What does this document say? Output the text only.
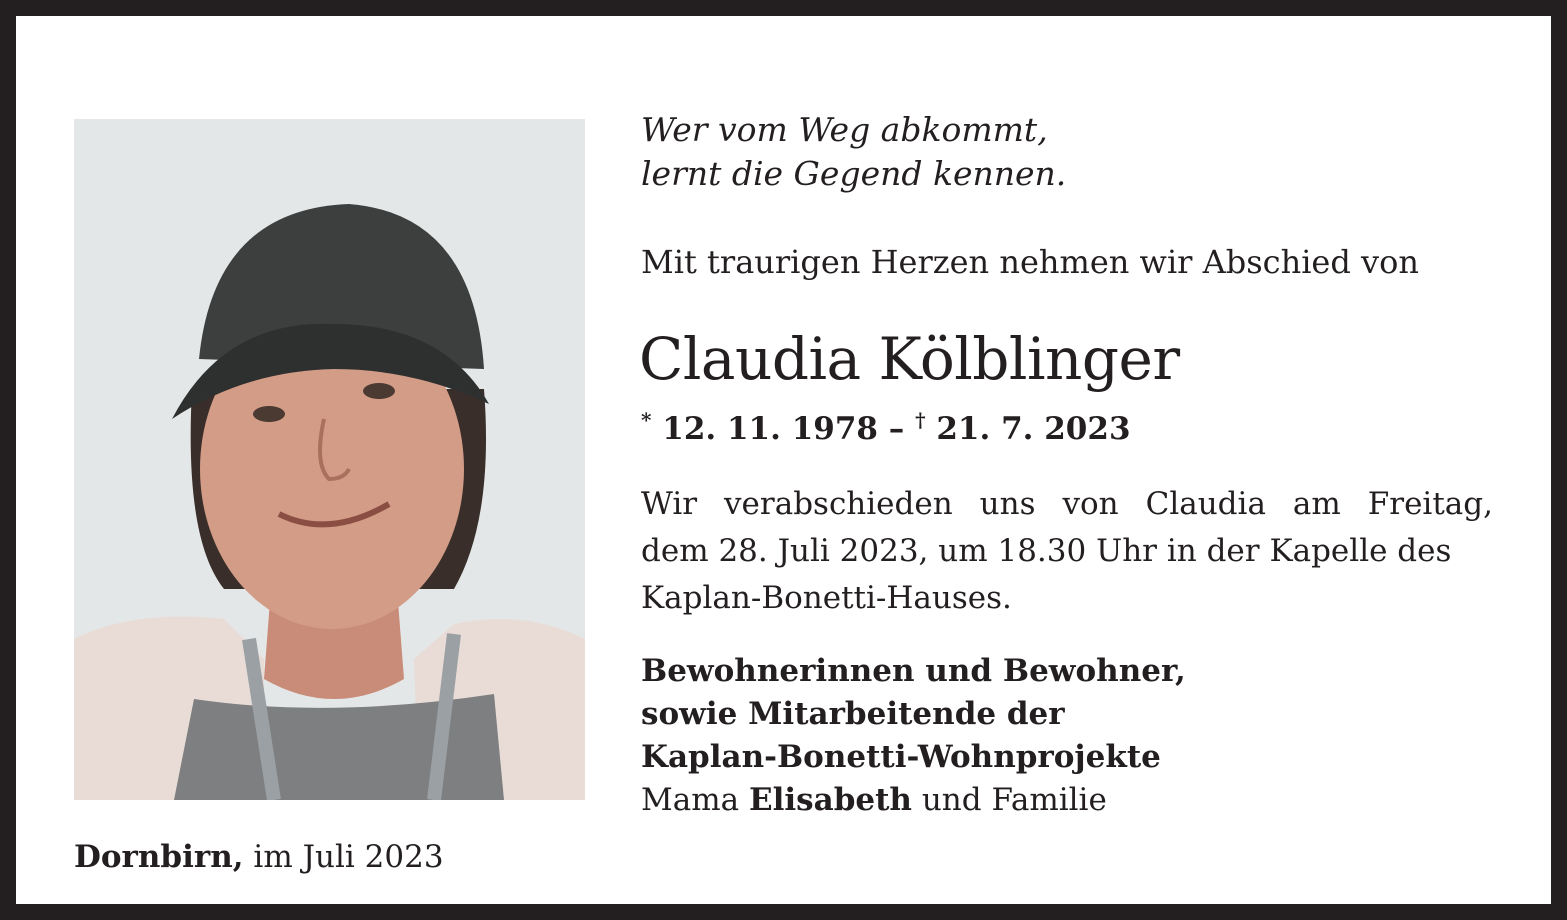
Wer vom Weg abkommt,
lernt die Gegend kennen.
Mit traurigen Herzen nehmen wir Abschied von
Claudia Kölblinger
* 12. 11. 1978 – † 21. 7. 2023
Wir verabschieden uns von Claudia am Freitag,
dem 28. Juli 2023, um 18.30 Uhr in der Kapelle des
Kaplan-Bonetti-Hauses.
Bewohnerinnen und Bewohner,
sowie Mitarbeitende der
Kaplan-Bonetti-Wohnprojekte
Mama Elisabeth und Familie
Dornbirn, im Juli 2023
